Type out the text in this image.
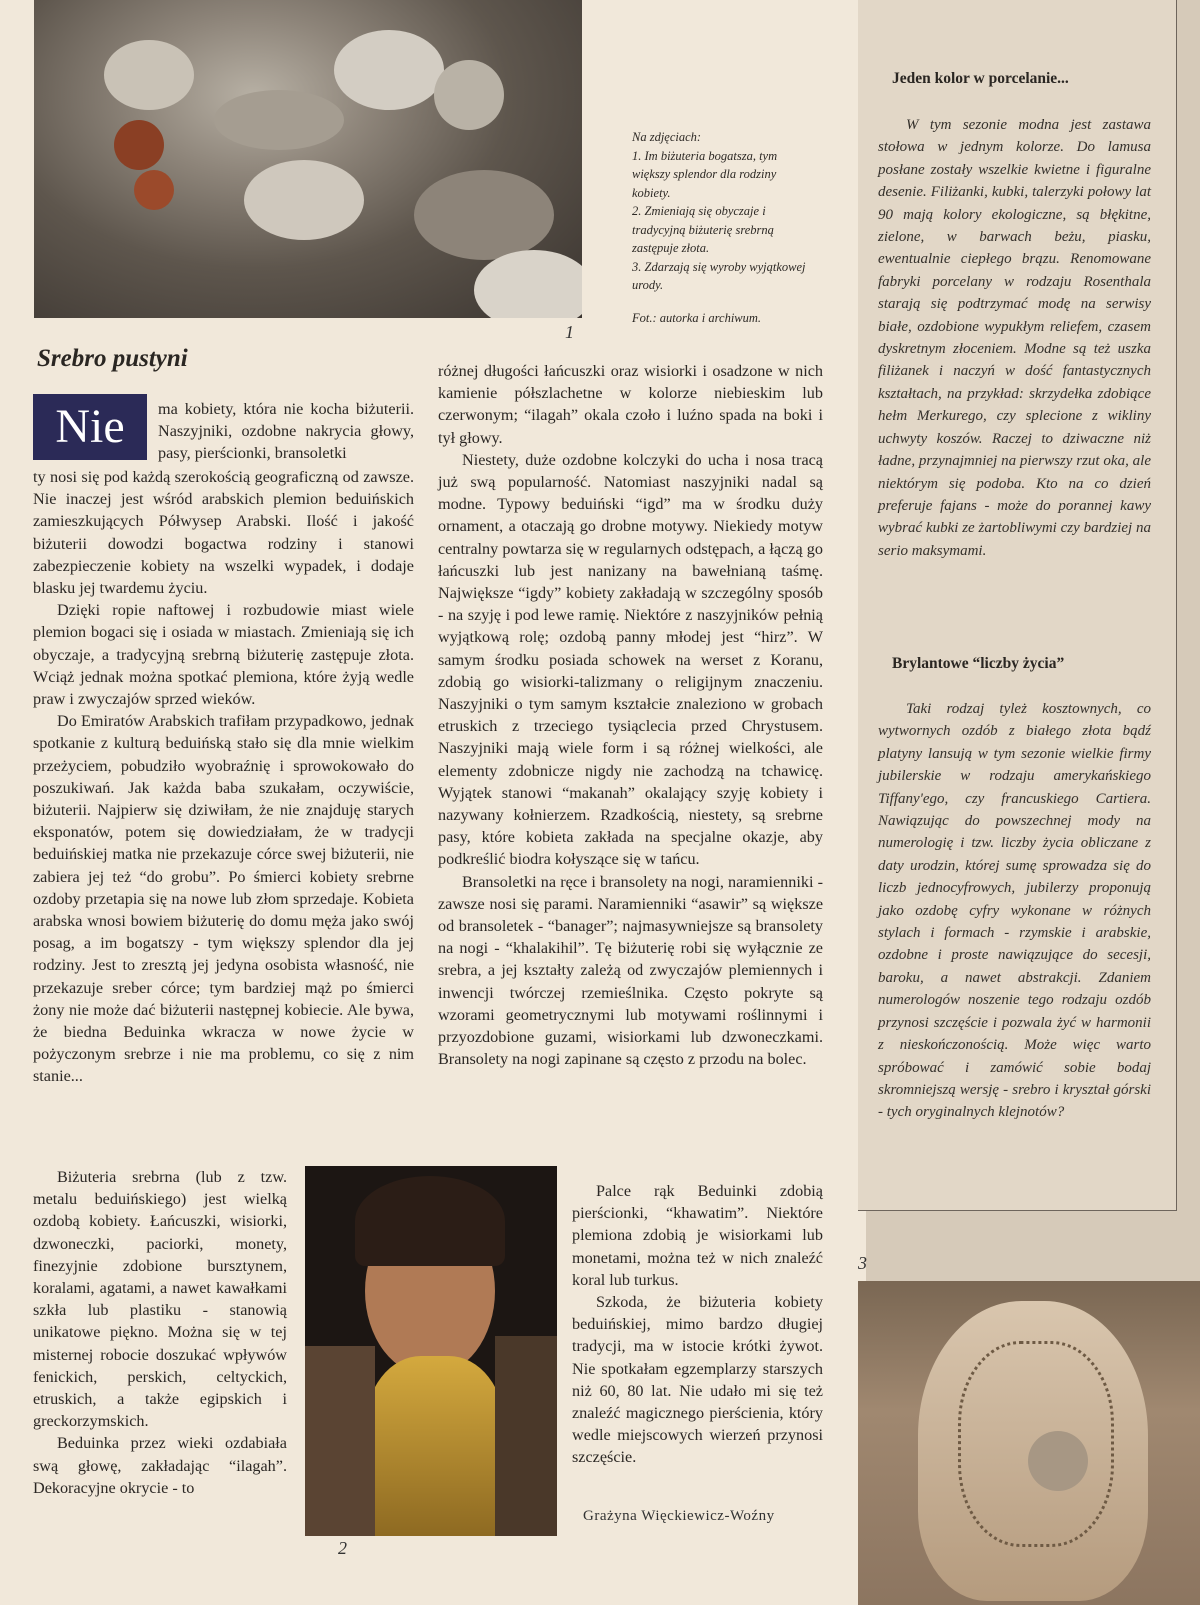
Na zdjęciach:

1. Im biżuteria bogatsza, tym większy splendor dla rodziny kobiety.

2. Zmieniają się obyczaje i tradycyjną biżuterię srebrną zastępuje złota.

3. Zdarzają się wyroby wyjątkowej urody.

Fot.: autorka i archiwum.

1
Srebro pustyni
Nie	ma kobiety, która nie kocha biżuterii. Naszyjniki, ozdobne nakrycia głowy, pasy, pierścionki, bransoletki

ty nosi się pod każdą szerokością geograficzną od zawsze. Nie inaczej jest wśród arabskich plemion beduińskich zamieszkujących Półwysep Arabski. Ilość i jakość biżuterii dowodzi bogactwa rodziny i stanowi zabezpieczenie kobiety na wszelki wypadek, i dodaje blasku jej twardemu życiu.

Dzięki ropie naftowej i rozbudowie miast wiele plemion bogaci się i osiada w miastach. Zmieniają się ich obyczaje, a tradycyjną srebrną biżuterię zastępuje złota. Wciąż jednak można spotkać plemiona, które żyją wedle praw i zwyczajów sprzed wieków.

Do Emiratów Arabskich trafiłam przypadkowo, jednak spotkanie z kulturą beduińską stało się dla mnie wielkim przeżyciem, pobudziło wyobraźnię i sprowokowało do poszukiwań. Jak każda baba szukałam, oczywiście, biżuterii. Najpierw się dziwiłam, że nie znajduję starych eksponatów, potem się dowiedziałam, że w tradycji beduińskiej matka nie przekazuje córce swej biżuterii, nie zabiera jej też “do grobu”. Po śmierci kobiety srebrne ozdoby przetapia się na nowe lub złom sprzedaje. Kobieta arabska wnosi bowiem biżuterię do domu męża jako swój posag, a im bogatszy - tym większy splendor dla jej rodziny. Jest to zresztą jej jedyna osobista własność, nie przekazuje sreber córce; tym bardziej mąż po śmierci żony nie może dać biżuterii następnej kobiecie. Ale bywa, że biedna Beduinka wkracza w nowe życie w pożyczonym srebrze i nie ma problemu, co się z nim stanie...

Biżuteria srebrna (lub z tzw. metalu beduińskiego) jest wielką ozdobą kobiety. Łańcuszki, wisiorki, dzwoneczki, paciorki, monety, finezyjnie zdobione bursztynem, koralami, agatami, a nawet kawałkami szkła lub plastiku - stanowią unikatowe piękno. Można się w tej misternej robocie doszukać wpływów fenickich, perskich, celtyckich, etruskich, a także egipskich i greckorzymskich.

Beduinka przez wieki ozdabiała swą głowę, zakładając “ilagah”. Dekoracyjne okrycie - to

2

różnej długości łańcuszki oraz wisiorki i osadzone w nich kamienie półszlachetne w kolorze niebieskim lub czerwonym; “ilagah” okala czoło i luźno spada na boki i tył głowy.

Niestety, duże ozdobne kolczyki do ucha i nosa tracą już swą popularność. Natomiast naszyjniki nadal są modne. Typowy beduiński “igd” ma w środku duży ornament, a otaczają go drobne motywy. Niekiedy motyw centralny powtarza się w regularnych odstępach, a łączą go łańcuszki lub jest nanizany na bawełnianą taśmę. Największe “igdy” kobiety zakładają w szczególny sposób - na szyję i pod lewe ramię. Niektóre z naszyjników pełnią wyjątkową rolę; ozdobą panny młodej jest “hirz”. W samym środku posiada schowek na werset z Koranu, zdobią go wisiorki-talizmany o religijnym znaczeniu. Naszyjniki o tym samym kształcie znaleziono w grobach etruskich z trzeciego tysiąclecia przed Chrystusem. Naszyjniki mają wiele form i są różnej wielkości, ale elementy zdobnicze nigdy nie zachodzą na tchawicę. Wyjątek stanowi “makanah” okalający szyję kobiety i nazywany kołnierzem. Rzadkością, niestety, są srebrne pasy, które kobieta zakłada na specjalne okazje, aby podkreślić biodra kołyszące się w tańcu.

Bransoletki na ręce i bransolety na nogi, naramienniki - zawsze nosi się parami. Naramienniki “asawir” są większe od bransoletek - “banager”; najmasywniejsze są bransolety na nogi - “khalakihil”. Tę biżuterię robi się wyłącznie ze srebra, a jej kształty zależą od zwyczajów plemiennych i inwencji twórczej rzemieślnika. Często pokryte są wzorami geometrycznymi lub motywami roślinnymi i przyozdobione guzami, wisiorkami lub dzwoneczkami. Bransolety na nogi zapinane są często z przodu na bolec.

Palce rąk Beduinki zdobią pierścionki, “khawatim”. Niektóre plemiona zdobią je wisiorkami lub monetami, można też w nich znaleźć koral lub turkus.

Szkoda, że biżuteria kobiety beduińskiej, mimo bardzo długiej tradycji, ma w istocie krótki żywot. Nie spotkałam egzemplarzy starszych niż 60, 80 lat. Nie udało mi się też znaleźć magicznego pierścienia, który wedle miejscowych wierzeń przynosi szczęście.

Grażyna Więckiewicz-Woźny
Jeden kolor w porcelanie...

W tym sezonie modna jest zastawa stołowa w jednym kolorze. Do lamusa posłane zostały wszelkie kwietne i figuralne desenie. Filiżanki, kubki, talerzyki połowy lat 90 mają kolory ekologiczne, są błękitne, zielone, w barwach beżu, piasku, ewentualnie ciepłego brązu. Renomowane fabryki porcelany w rodzaju Rosenthala starają się podtrzymać modę na serwisy białe, ozdobione wypukłym reliefem, czasem dyskretnym złoceniem. Modne są też uszka filiżanek i naczyń w dość fantastycznych kształtach, na przykład: skrzydełka zdobiące hełm Merkurego, czy splecione z wikliny uchwyty koszów. Raczej to dziwaczne niż ładne, przynajmniej na pierwszy rzut oka, ale niektórym się podoba. Kto na co dzień preferuje fajans - może do porannej kawy wybrać kubki ze żartobliwymi czy bardziej na serio maksymami.

Brylantowe “liczby życia”

Taki rodzaj tyleż kosztownych, co wytwornych ozdób z białego złota bądź platyny lansują w tym sezonie wielkie firmy jubilerskie w rodzaju amerykańskiego Tiffany'ego, czy francuskiego Cartiera. Nawiązując do powszechnej mody na numerologię i tzw. liczby życia obliczane z daty urodzin, której sumę sprowadza się do liczb jednocyfrowych, jubilerzy proponują jako ozdobę cyfry wykonane w różnych stylach i formach - rzymskie i arabskie, ozdobne i proste nawiązujące do secesji, baroku, a nawet abstrakcji. Zdaniem numerologów noszenie tego rodzaju ozdób przynosi szczęście i pozwala żyć w harmonii z nieskończonością. Może więc warto spróbować i zamówić sobie bodaj skromniejszą wersję - srebro i kryształ górski - tych oryginalnych klejnotów?

3
